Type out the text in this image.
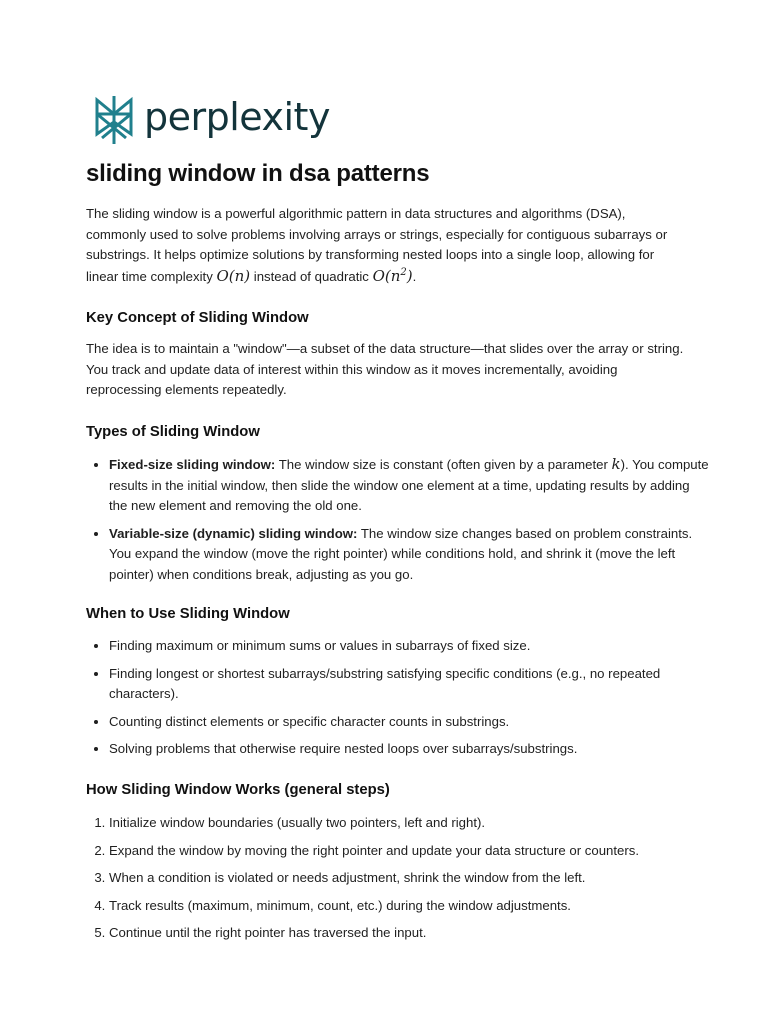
perplexity
sliding window in dsa patterns

The sliding window is a powerful algorithmic pattern in data structures and algorithms (DSA), commonly used to solve problems involving arrays or strings, especially for contiguous subarrays or substrings. It helps optimize solutions by transforming nested loops into a single loop, allowing for linear time complexity O(n) instead of quadratic $O(n^2)$.

Key Concept of Sliding Window

The idea is to maintain a "window"—a subset of the data structure—that slides over the array or string. You track and update data of interest within this window as it moves incrementally, avoiding reprocessing elements repeatedly.

Types of Sliding Window
• Fixed-size sliding window: The window size is constant (often given by a parameter k). You compute results in the initial window, then slide the window one element at a time, updating results by adding the new element and removing the old one.
• Variable-size (dynamic) sliding window: The window size changes based on problem constraints. You expand the window (move the right pointer) while conditions hold, and shrink it (move the left pointer) when conditions break, adjusting as you go.
When to Use Sliding Window
• Finding maximum or minimum sums or values in subarrays of fixed size.
• Finding longest or shortest subarrays/substring satisfying specific conditions (e.g., no repeated characters).
• Counting distinct elements or specific character counts in substrings.
• Solving problems that otherwise require nested loops over subarrays/substrings.
How Sliding Window Works (general steps)
1. Initialize window boundaries (usually two pointers, left and right).
2. Expand the window by moving the right pointer and update your data structure or counters.
3. When a condition is violated or needs adjustment, shrink the window from the left.
4. Track results (maximum, minimum, count, etc.) during the window adjustments.
5. Continue until the right pointer has traversed the input.
